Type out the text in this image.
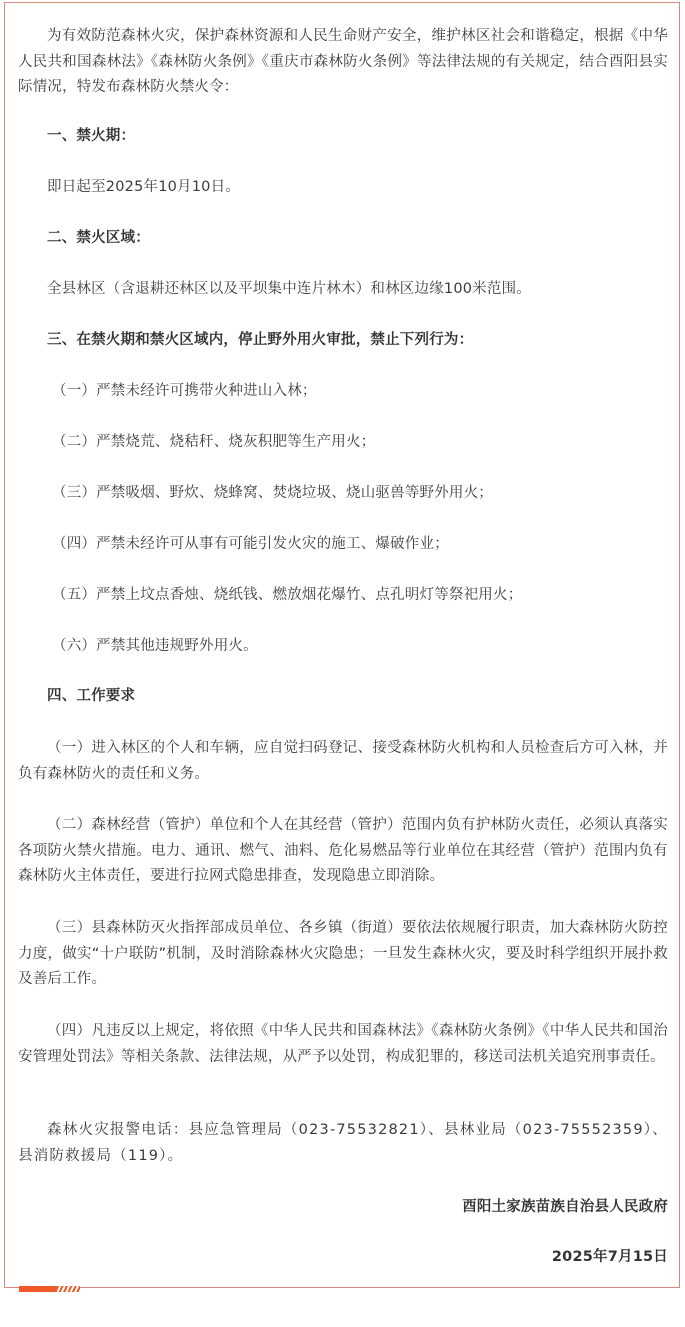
为有效防范森林火灾，保护森林资源和人民生命财产安全，维护林区社会和谐稳定，根据《中华人民共和国森林法》《森林防火条例》《重庆市森林防火条例》等法律法规的有关规定，结合酉阳县实际情况，特发布森林防火禁火令：
一、禁火期：
即日起至2025年10月10日。
二、禁火区域：
全县林区（含退耕还林区以及平坝集中连片林木）和林区边缘100米范围。
三、在禁火期和禁火区域内，停止野外用火审批，禁止下列行为：
（一）严禁未经许可携带火种进山入林；
（二）严禁烧荒、烧秸秆、烧灰积肥等生产用火；
（三）严禁吸烟、野炊、烧蜂窝、焚烧垃圾、烧山驱兽等野外用火；
（四）严禁未经许可从事有可能引发火灾的施工、爆破作业；
（五）严禁上坟点香烛、烧纸钱、燃放烟花爆竹、点孔明灯等祭祀用火；
（六）严禁其他违规野外用火。
四、工作要求
（一）进入林区的个人和车辆，应自觉扫码登记、接受森林防火机构和人员检查后方可入林，并负有森林防火的责任和义务。
（二）森林经营（管护）单位和个人在其经营（管护）范围内负有护林防火责任，必须认真落实各项防火禁火措施。电力、通讯、燃气、油料、危化易燃品等行业单位在其经营（管护）范围内负有森林防火主体责任，要进行拉网式隐患排查，发现隐患立即消除。
（三）县森林防灭火指挥部成员单位、各乡镇（街道）要依法依规履行职责，加大森林防火防控力度，做实“十户联防”机制，及时消除森林火灾隐患；一旦发生森林火灾，要及时科学组织开展扑救及善后工作。
（四）凡违反以上规定，将依照《中华人民共和国森林法》《森林防火条例》《中华人民共和国治安管理处罚法》等相关条款、法律法规，从严予以处罚，构成犯罪的，移送司法机关追究刑事责任。
森林火灾报警电话：县应急管理局（023-75532821）、县林业局（023-75552359）、县消防救援局（119）。
酉阳土家族苗族自治县人民政府
2025年7月15日
